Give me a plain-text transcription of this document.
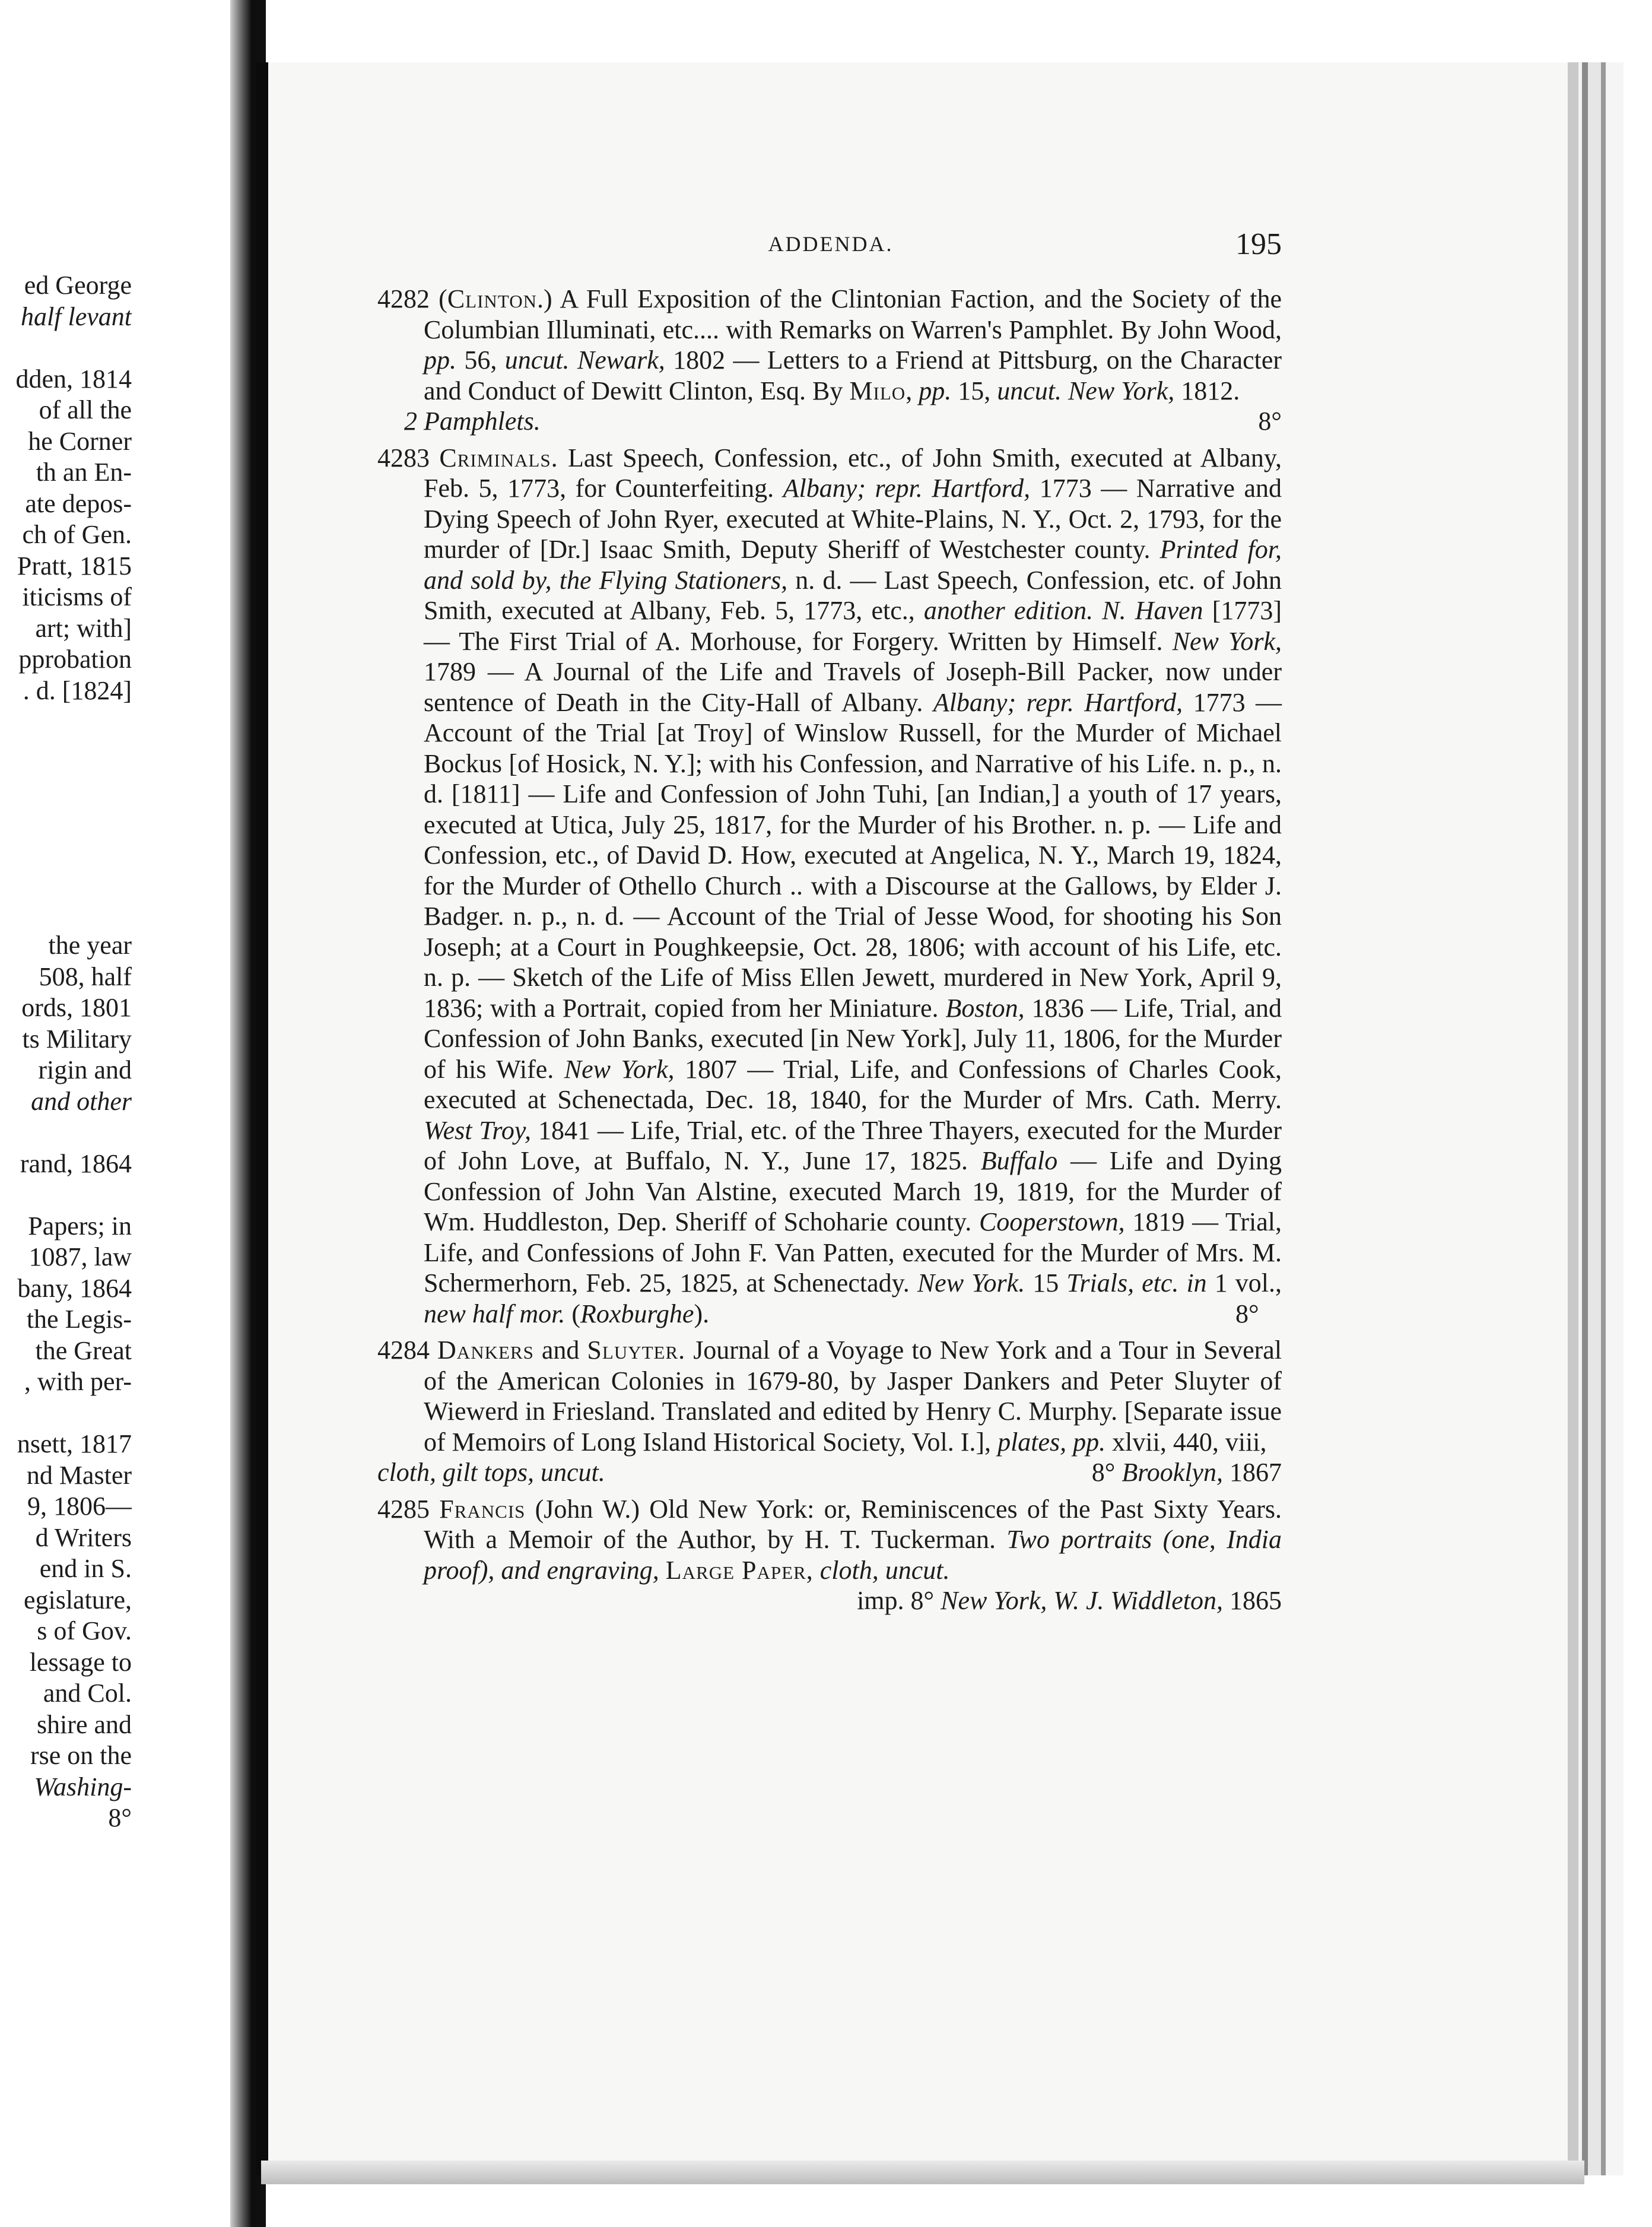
ed George
half levant
dden, 1814
of all the
he Corner
th an En-
ate depos-
ch of Gen.
Pratt, 1815
iticisms of
art; with]
pprobation
. d. [1824]
the year
508, half
ords, 1801
ts Military
rigin and
and other
rand, 1864
Papers; in
1087, law
bany, 1864
the Legis-
the Great
, with per-
nsett, 1817
nd Master
9, 1806—
d Writers
end in S.
egislature,
s of Gov.
lessage to
and Col.
shire and
rse on the
Washing-
8°
ADDENDA.	195

4282 (Clinton.) A Full Exposition of the Clintonian Faction, and the Society of the Columbian Illuminati, etc.... with Remarks on Warren's Pamphlet. By John Wood, pp. 56, uncut. Newark, 1802 — Letters to a Friend at Pittsburg, on the Character and Conduct of Dewitt Clinton, Esq. By Milo, pp. 15, uncut. New York, 1812.
2 Pamphlets.	8°

4283 Criminals. Last Speech, Confession, etc., of John Smith, executed at Albany, Feb. 5, 1773, for Counterfeiting. Albany; repr. Hartford, 1773 — Narrative and Dying Speech of John Ryer, executed at White-Plains, N. Y., Oct. 2, 1793, for the murder of [Dr.] Isaac Smith, Deputy Sheriff of Westchester county. Printed for, and sold by, the Flying Stationers, n. d. — Last Speech, Confession, etc. of John Smith, executed at Albany, Feb. 5, 1773, etc., another edition. N. Haven [1773] — The First Trial of A. Morhouse, for Forgery. Written by Himself. New York, 1789 — A Journal of the Life and Travels of Joseph-Bill Packer, now under sentence of Death in the City-Hall of Albany. Albany; repr. Hartford, 1773 — Account of the Trial [at Troy] of Winslow Russell, for the Murder of Michael Bockus [of Hosick, N. Y.]; with his Confession, and Narrative of his Life. n. p., n. d. [1811] — Life and Confession of John Tuhi, [an Indian,] a youth of 17 years, executed at Utica, July 25, 1817, for the Murder of his Brother. n. p. — Life and Confession, etc., of David D. How, executed at Angelica, N. Y., March 19, 1824, for the Murder of Othello Church .. with a Discourse at the Gallows, by Elder J. Badger. n. p., n. d. — Account of the Trial of Jesse Wood, for shooting his Son Joseph; at a Court in Poughkeepsie, Oct. 28, 1806; with account of his Life, etc. n. p. — Sketch of the Life of Miss Ellen Jewett, murdered in New York, April 9, 1836; with a Portrait, copied from her Miniature. Boston, 1836 — Life, Trial, and Confession of John Banks, executed [in New York], July 11, 1806, for the Murder of his Wife. New York, 1807 — Trial, Life, and Confessions of Charles Cook, executed at Schenectada, Dec. 18, 1840, for the Murder of Mrs. Cath. Merry. West Troy, 1841 — Life, Trial, etc. of the Three Thayers, executed for the Murder of John Love, at Buffalo, N. Y., June 17, 1825. Buffalo — Life and Dying Confession of John Van Alstine, executed March 19, 1819, for the Murder of Wm. Huddleston, Dep. Sheriff of Schoharie county. Cooperstown, 1819 — Trial, Life, and Confessions of John F. Van Patten, executed for the Murder of Mrs. M. Schermerhorn, Feb. 25, 1825, at Schenectady. New York. 15 Trials, etc. in 1 vol., new half mor. (Roxburghe).	8°

4284 Dankers and Sluyter. Journal of a Voyage to New York and a Tour in Several of the American Colonies in 1679-80, by Jasper Dankers and Peter Sluyter of Wiewerd in Friesland. Translated and edited by Henry C. Murphy. [Separate issue of Memoirs of Long Island Historical Society, Vol. I.], plates, pp. xlvii, 440, viii,
cloth, gilt tops, uncut.	8° Brooklyn, 1867

4285 Francis (John W.) Old New York: or, Reminiscences of the Past Sixty Years. With a Memoir of the Author, by H. T. Tuckerman. Two portraits (one, India proof), and engraving, Large Paper, cloth, uncut.
imp. 8° New York, W. J. Widdleton, 1865
